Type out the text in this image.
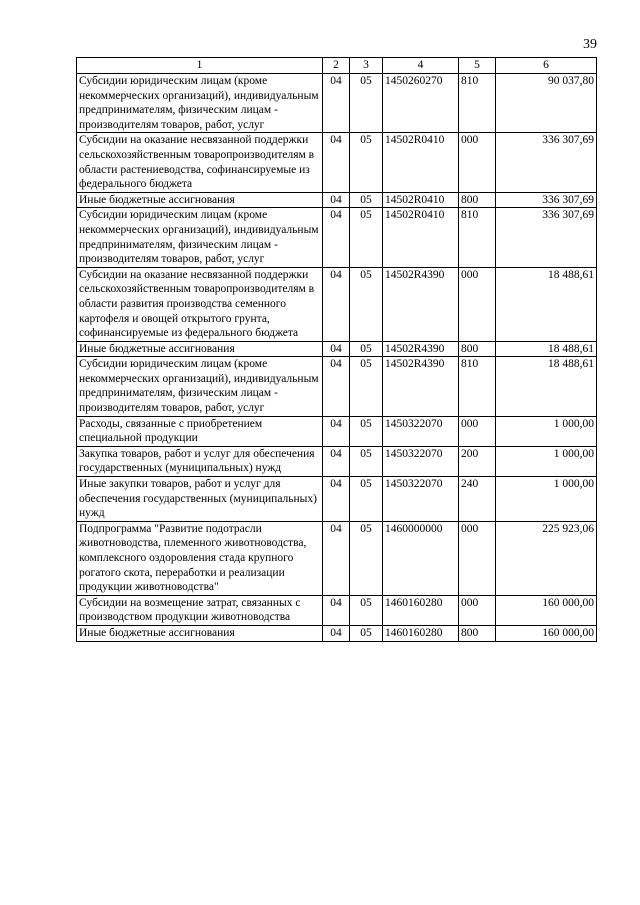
39
1	2	3	4	5	6
Субсидии юридическим лицам (кроме некоммерческих организаций), индивидуальным предпринимателям, физическим лицам - производителям товаров, работ, услуг	04	05	1450260270	810	90 037,80
Субсидии на оказание несвязанной поддержки сельскохозяйственным товаропроизводителям в области растениеводства, софинансируемые из федерального бюджета	04	05	14502R0410	000	336 307,69
Иные бюджетные ассигнования	04	05	14502R0410	800	336 307,69
Субсидии юридическим лицам (кроме некоммерческих организаций), индивидуальным предпринимателям, физическим лицам - производителям товаров, работ, услуг	04	05	14502R0410	810	336 307,69
Субсидии на оказание несвязанной поддержки сельскохозяйственным товаропроизводителям в области развития производства семенного картофеля и овощей открытого грунта, софинансируемые из федерального бюджета	04	05	14502R4390	000	18 488,61
Иные бюджетные ассигнования	04	05	14502R4390	800	18 488,61
Субсидии юридическим лицам (кроме некоммерческих организаций), индивидуальным предпринимателям, физическим лицам - производителям товаров, работ, услуг	04	05	14502R4390	810	18 488,61
Расходы, связанные с приобретением специальной продукции	04	05	1450322070	000	1 000,00
Закупка товаров, работ и услуг для обеспечения государственных (муниципальных) нужд	04	05	1450322070	200	1 000,00
Иные закупки товаров, работ и услуг для обеспечения государственных (муниципальных) нужд	04	05	1450322070	240	1 000,00
Подпрограмма "Развитие подотрасли животноводства, племенного животноводства, комплексного оздоровления стада крупного рогатого скота, переработки и реализации продукции животноводства"	04	05	1460000000	000	225 923,06
Субсидии на возмещение затрат, связанных с производством продукции животноводства	04	05	1460160280	000	160 000,00
Иные бюджетные ассигнования	04	05	1460160280	800	160 000,00
